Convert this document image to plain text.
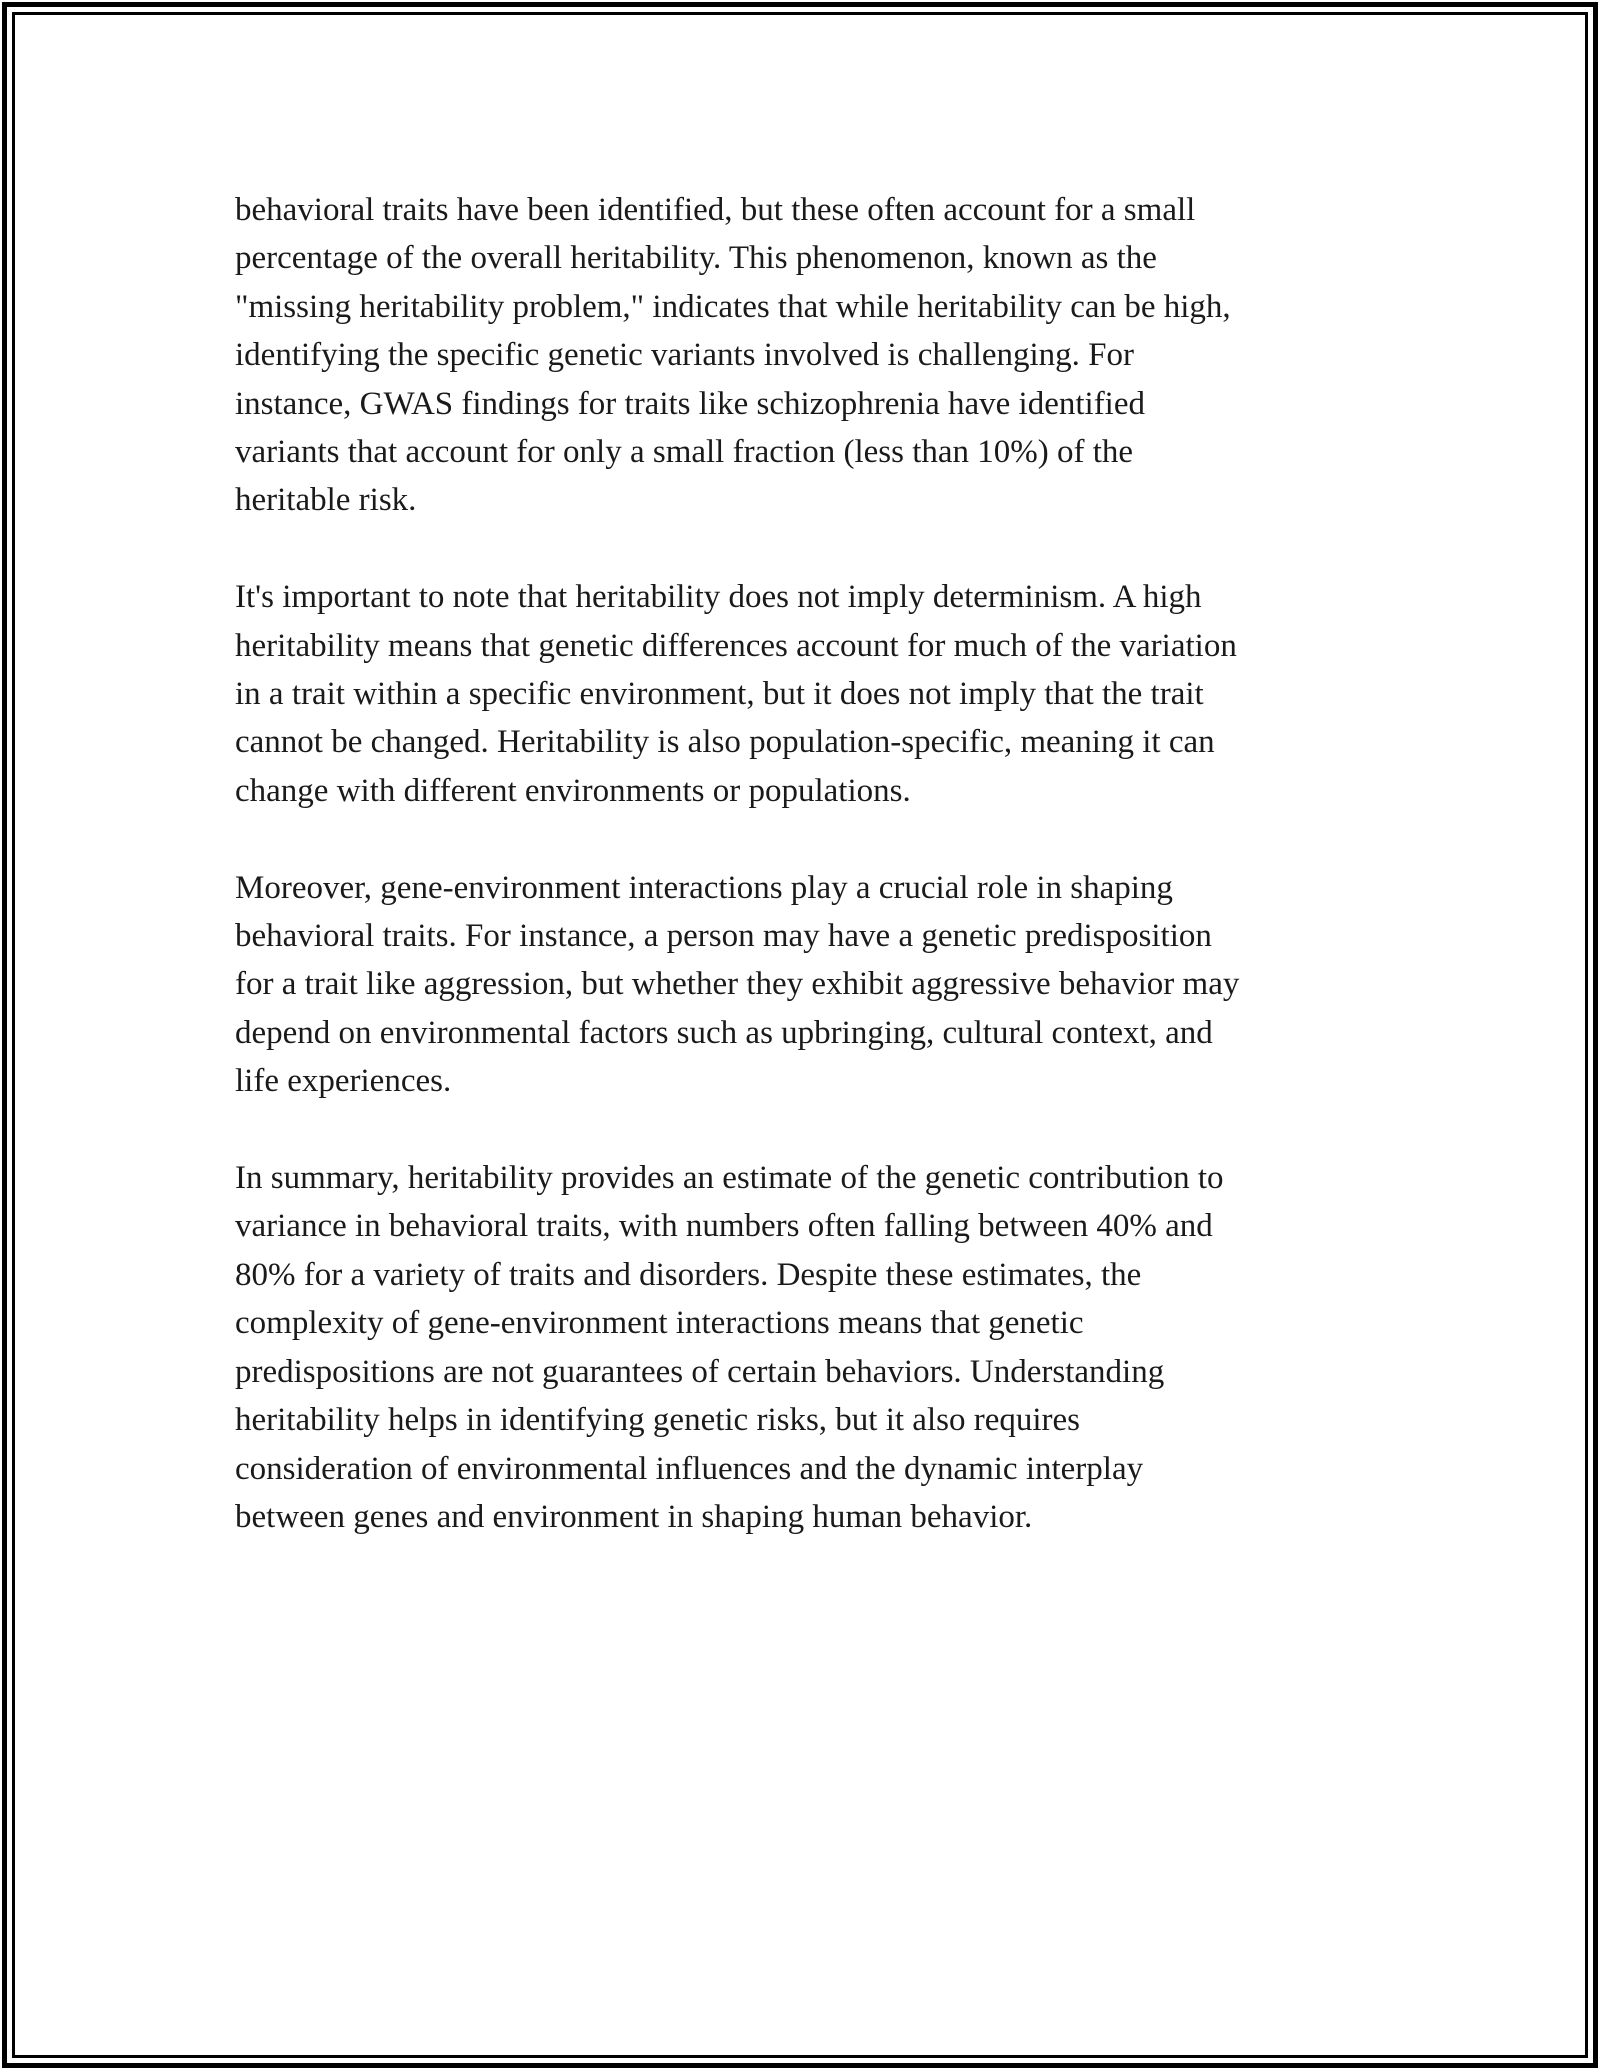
behavioral traits have been identified, but these often account for a small
percentage of the overall heritability. This phenomenon, known as the
"missing heritability problem," indicates that while heritability can be high,
identifying the specific genetic variants involved is challenging. For
instance, GWAS findings for traits like schizophrenia have identified
variants that account for only a small fraction (less than 10%) of the
heritable risk.

It's important to note that heritability does not imply determinism. A high
heritability means that genetic differences account for much of the variation
in a trait within a specific environment, but it does not imply that the trait
cannot be changed. Heritability is also population-specific, meaning it can
change with different environments or populations.

Moreover, gene-environment interactions play a crucial role in shaping
behavioral traits. For instance, a person may have a genetic predisposition
for a trait like aggression, but whether they exhibit aggressive behavior may
depend on environmental factors such as upbringing, cultural context, and
life experiences.

In summary, heritability provides an estimate of the genetic contribution to
variance in behavioral traits, with numbers often falling between 40% and
80% for a variety of traits and disorders. Despite these estimates, the
complexity of gene-environment interactions means that genetic
predispositions are not guarantees of certain behaviors. Understanding
heritability helps in identifying genetic risks, but it also requires
consideration of environmental influences and the dynamic interplay
between genes and environment in shaping human behavior.
